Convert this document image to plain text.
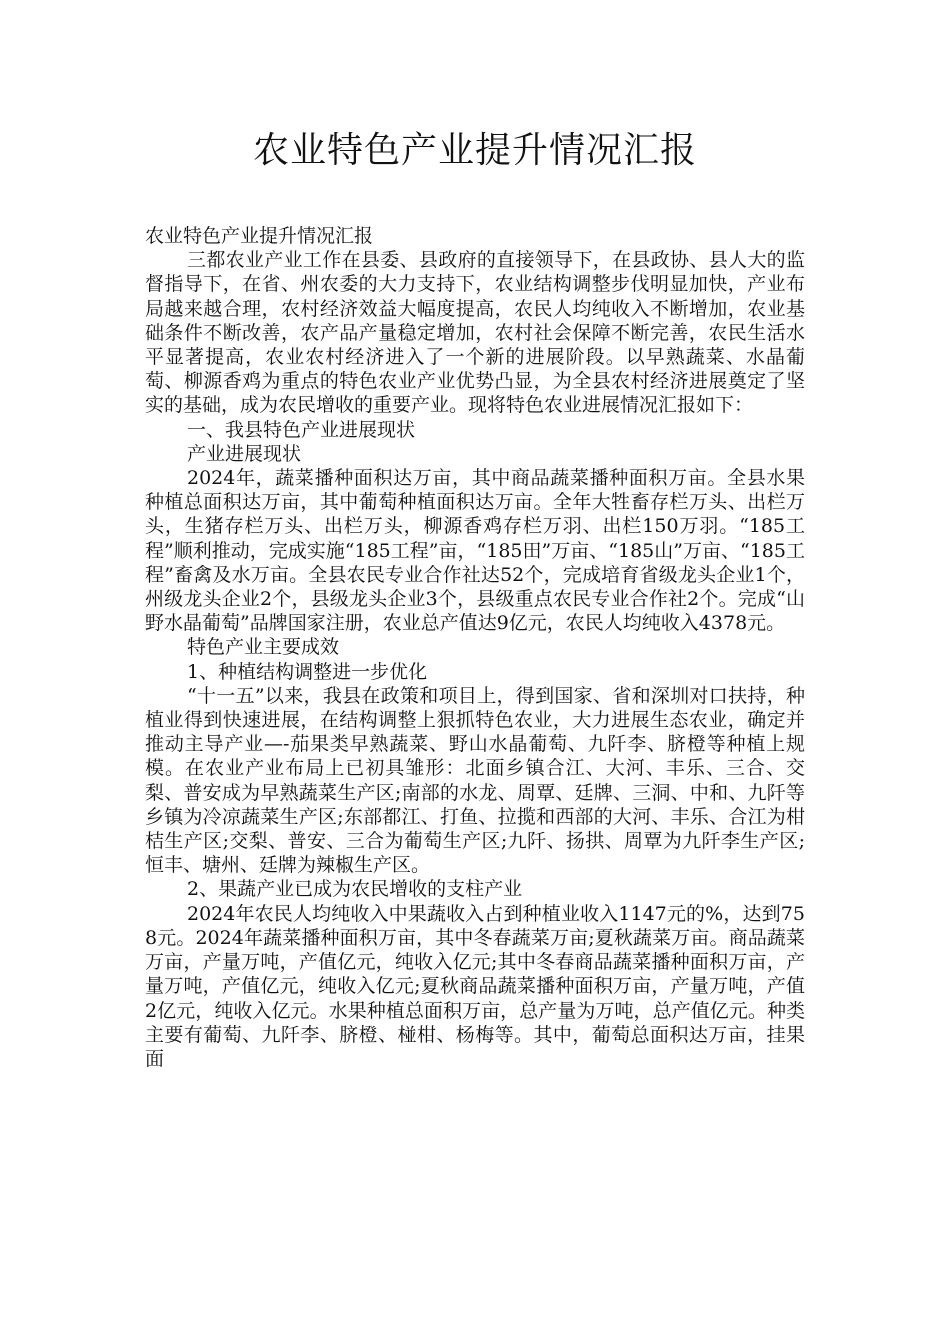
农业特色产业提升情况汇报

农业特色产业提升情况汇报

三都农业产业工作在县委、县政府的直接领导下，在县政协、县人大的监督指导下，在省、州农委的大力支持下，农业结构调整步伐明显加快，产业布局越来越合理，农村经济效益大幅度提高，农民人均纯收入不断增加，农业基础条件不断改善，农产品产量稳定增加，农村社会保障不断完善，农民生活水平显著提高，农业农村经济进入了一个新的进展阶段。以早熟蔬菜、水晶葡萄、柳源香鸡为重点的特色农业产业优势凸显，为全县农村经济进展奠定了坚实的基础，成为农民增收的重要产业。现将特色农业进展情况汇报如下：

一、我县特色产业进展现状

产业进展现状

2024年，蔬菜播种面积达万亩，其中商品蔬菜播种面积万亩。全县水果种植总面积达万亩，其中葡萄种植面积达万亩。全年大牲畜存栏万头、出栏万头，生猪存栏万头、出栏万头，柳源香鸡存栏万羽、出栏150万羽。“185工程”顺利推动，完成实施“185工程”亩，“185田”万亩、“185山”万亩、“185工程”畜禽及水万亩。全县农民专业合作社达52个，完成培育省级龙头企业1个，州级龙头企业2个，县级龙头企业3个，县级重点农民专业合作社2个。完成“山野水晶葡萄”品牌国家注册，农业总产值达9亿元，农民人均纯收入4378元。

特色产业主要成效

1、种植结构调整进一步优化

“十一五”以来，我县在政策和项目上，得到国家、省和深圳对口扶持，种植业得到快速进展，在结构调整上狠抓特色农业，大力进展生态农业，确定并推动主导产业—-茄果类早熟蔬菜、野山水晶葡萄、九阡李、脐橙等种植上规模。在农业产业布局上已初具雏形：北面乡镇合江、大河、丰乐、三合、交梨、普安成为早熟蔬菜生产区;南部的水龙、周覃、廷牌、三洞、中和、九阡等乡镇为冷凉蔬菜生产区;东部都江、打鱼、拉揽和西部的大河、丰乐、合江为柑桔生产区;交梨、普安、三合为葡萄生产区;九阡、扬拱、周覃为九阡李生产区;恒丰、塘州、廷牌为辣椒生产区。

2、果蔬产业已成为农民增收的支柱产业

2024年农民人均纯收入中果蔬收入占到种植业收入1147元的%，达到758元。2024年蔬菜播种面积万亩，其中冬春蔬菜万亩;夏秋蔬菜万亩。商品蔬菜万亩，产量万吨，产值亿元，纯收入亿元;其中冬春商品蔬菜播种面积万亩，产量万吨，产值亿元，纯收入亿元;夏秋商品蔬菜播种面积万亩，产量万吨，产值2亿元，纯收入亿元。水果种植总面积万亩，总产量为万吨，总产值亿元。种类主要有葡萄、九阡李、脐橙、椪柑、杨梅等。其中，葡萄总面积达万亩，挂果面
